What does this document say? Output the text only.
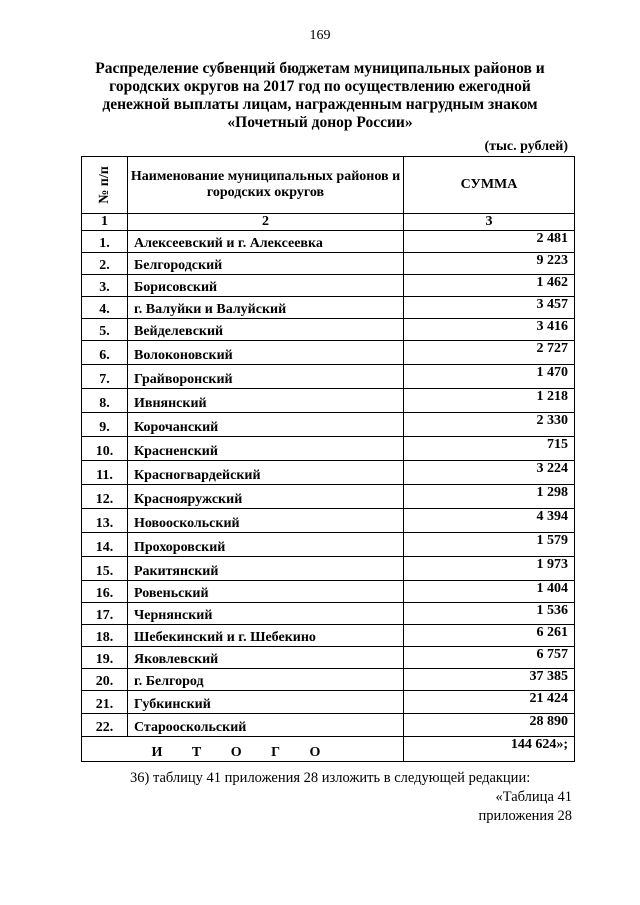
169
Распределение субвенций бюджетам муниципальных районов и городских округов на 2017 год по осуществлению ежегодной денежной выплаты лицам, награжденным нагрудным знаком «Почетный донор России»
(тыс. рублей)
№ п/п	Наименование муниципальных районов и городских округов	СУММА
1	2	3
1.	Алексеевский и г. Алексеевка	2 481
2.	Белгородский	9 223
3.	Борисовский	1 462
4.	г. Валуйки и Валуйский	3 457
5.	Вейделевский	3 416
6.	Волоконовский	2 727
7.	Грайворонский	1 470
8.	Ивнянский	1 218
9.	Корочанский	2 330
10.	Красненский	715
11.	Красногвардейский	3 224
12.	Краснояружский	1 298
13.	Новооскольский	4 394
14.	Прохоровский	1 579
15.	Ракитянский	1 973
16.	Ровеньский	1 404
17.	Чернянский	1 536
18.	Шебекинский и г. Шебекино	6 261
19.	Яковлевский	6 757
20.	г. Белгород	37 385
21.	Губкинский	21 424
22.	Старооскольский	28 890
И Т О Г О		144 624»;
36) таблицу 41 приложения 28 изложить в следующей редакции:
«Таблица 41
приложения 28
